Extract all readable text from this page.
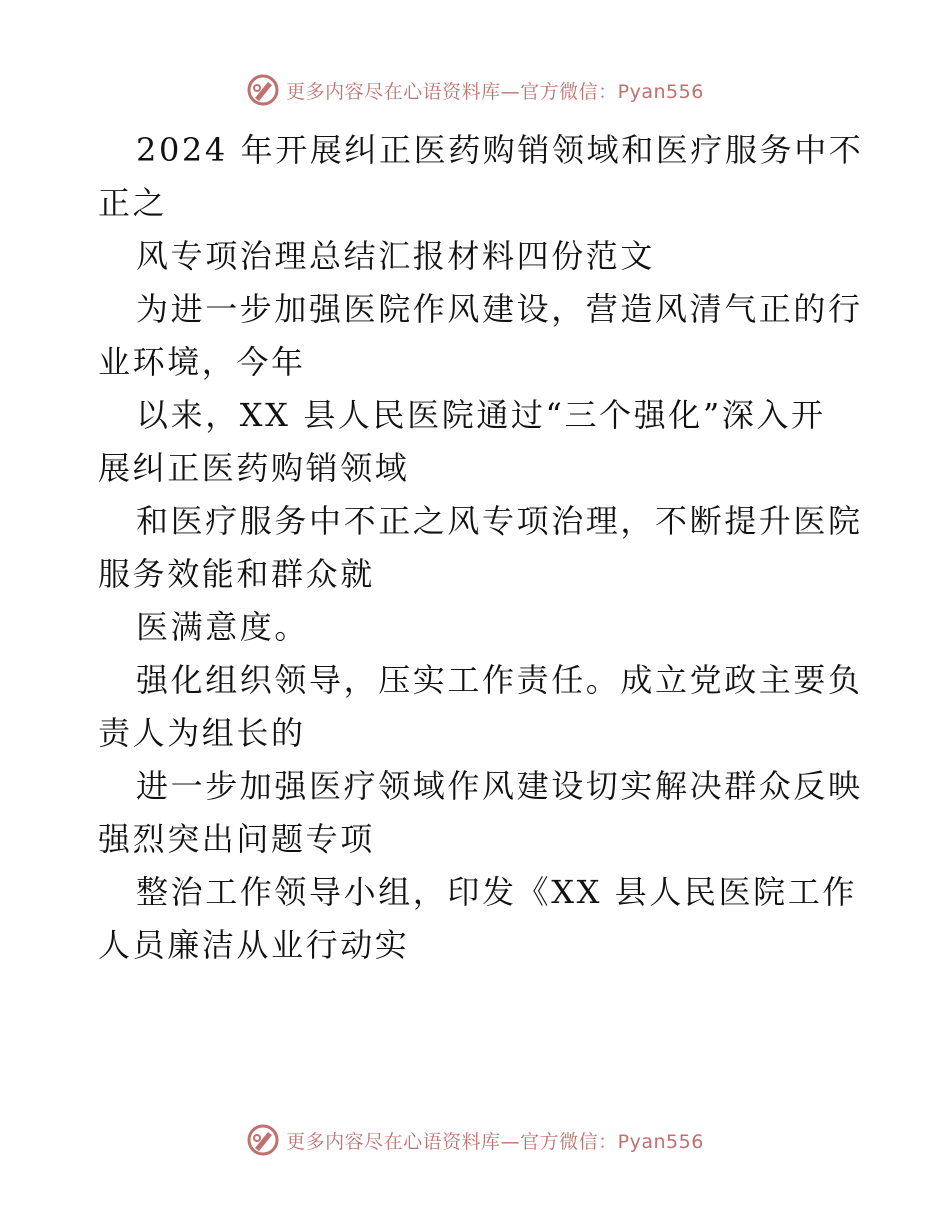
更多内容尽在心语资料库—官方微信：Pyan556

2024 年开展纠正医药购销领域和医疗服务中不

正之

风专项治理总结汇报材料四份范文

为进一步加强医院作风建设，营造风清气正的行

业环境，今年

以来，XX 县人民医院通过“三个强化”深入开

展纠正医药购销领域

和医疗服务中不正之风专项治理，不断提升医院

服务效能和群众就

医满意度。

强化组织领导，压实工作责任。成立党政主要负

责人为组长的

进一步加强医疗领域作风建设切实解决群众反映

强烈突出问题专项

整治工作领导小组，印发《XX 县人民医院工作

人员廉洁从业行动实

更多内容尽在心语资料库—官方微信：Pyan556
